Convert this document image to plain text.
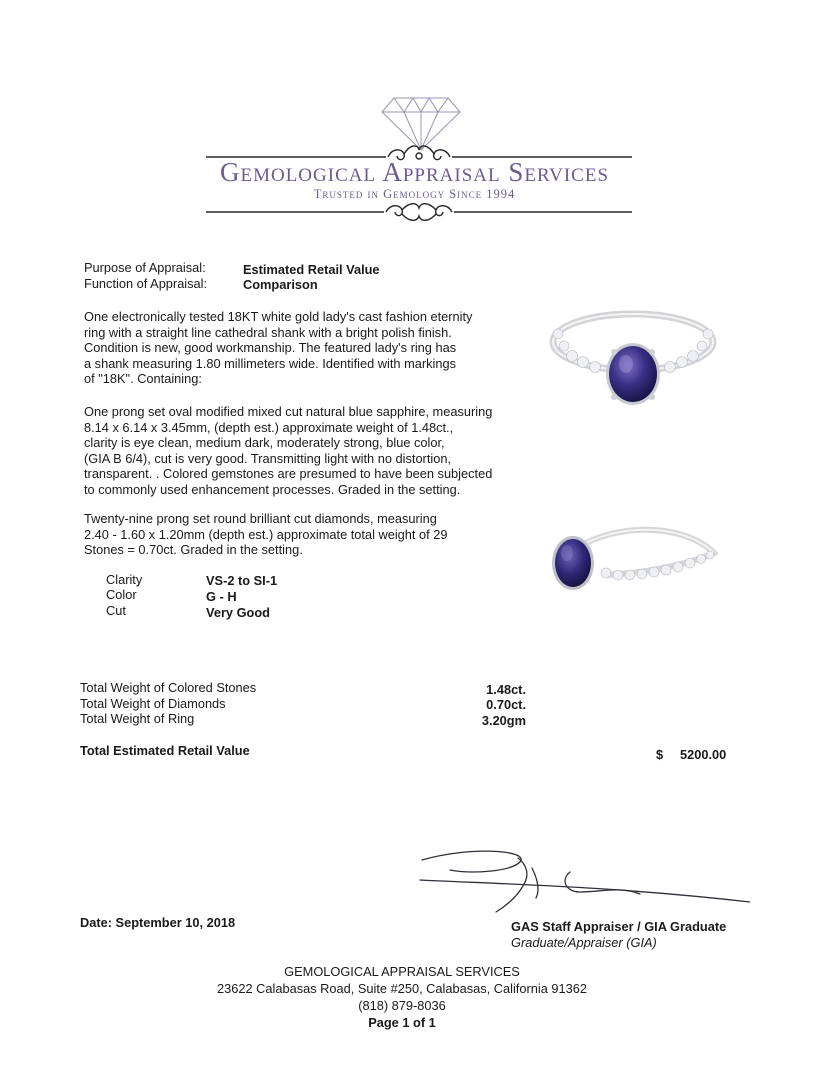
Gemological Appraisal Services
Trusted in Gemology Since 1994
Purpose of Appraisal:	Estimated Retail Value
Function of Appraisal:	Comparison
One electronically tested 18KT white gold lady's cast fashion eternity
ring with a straight line cathedral shank with a bright polish finish.
Condition is new, good workmanship. The featured lady's ring has
a shank measuring 1.80 millimeters wide. Identified with markings
of "18K". Containing:
One prong set oval modified mixed cut natural blue sapphire, measuring
8.14 x 6.14 x 3.45mm, (depth est.) approximate weight of 1.48ct.,
clarity is eye clean, medium dark, moderately strong, blue color,
(GIA B 6/4), cut is very good. Transmitting light with no distortion,
transparent. . Colored gemstones are presumed to have been subjected
to commonly used enhancement processes. Graded in the setting.
Twenty-nine prong set round brilliant cut diamonds, measuring
2.40 - 1.60 x 1.20mm (depth est.) approximate total weight of 29
Stones = 0.70ct. Graded in the setting.
Clarity	VS-2 to SI-1
Color	G - H
Cut	Very Good
Total Weight of Colored Stones	1.48ct.
Total Weight of Diamonds	0.70ct.
Total Weight of Ring	3.20gm
Total Estimated Retail Value	$ 5200.00
Date: September 10, 2018	GAS Staff Appraiser / GIA Graduate
Graduate/Appraiser (GIA)
GEMOLOGICAL APPRAISAL SERVICES
23622 Calabasas Road, Suite #250, Calabasas, California 91362
(818) 879-8036
Page 1 of 1
